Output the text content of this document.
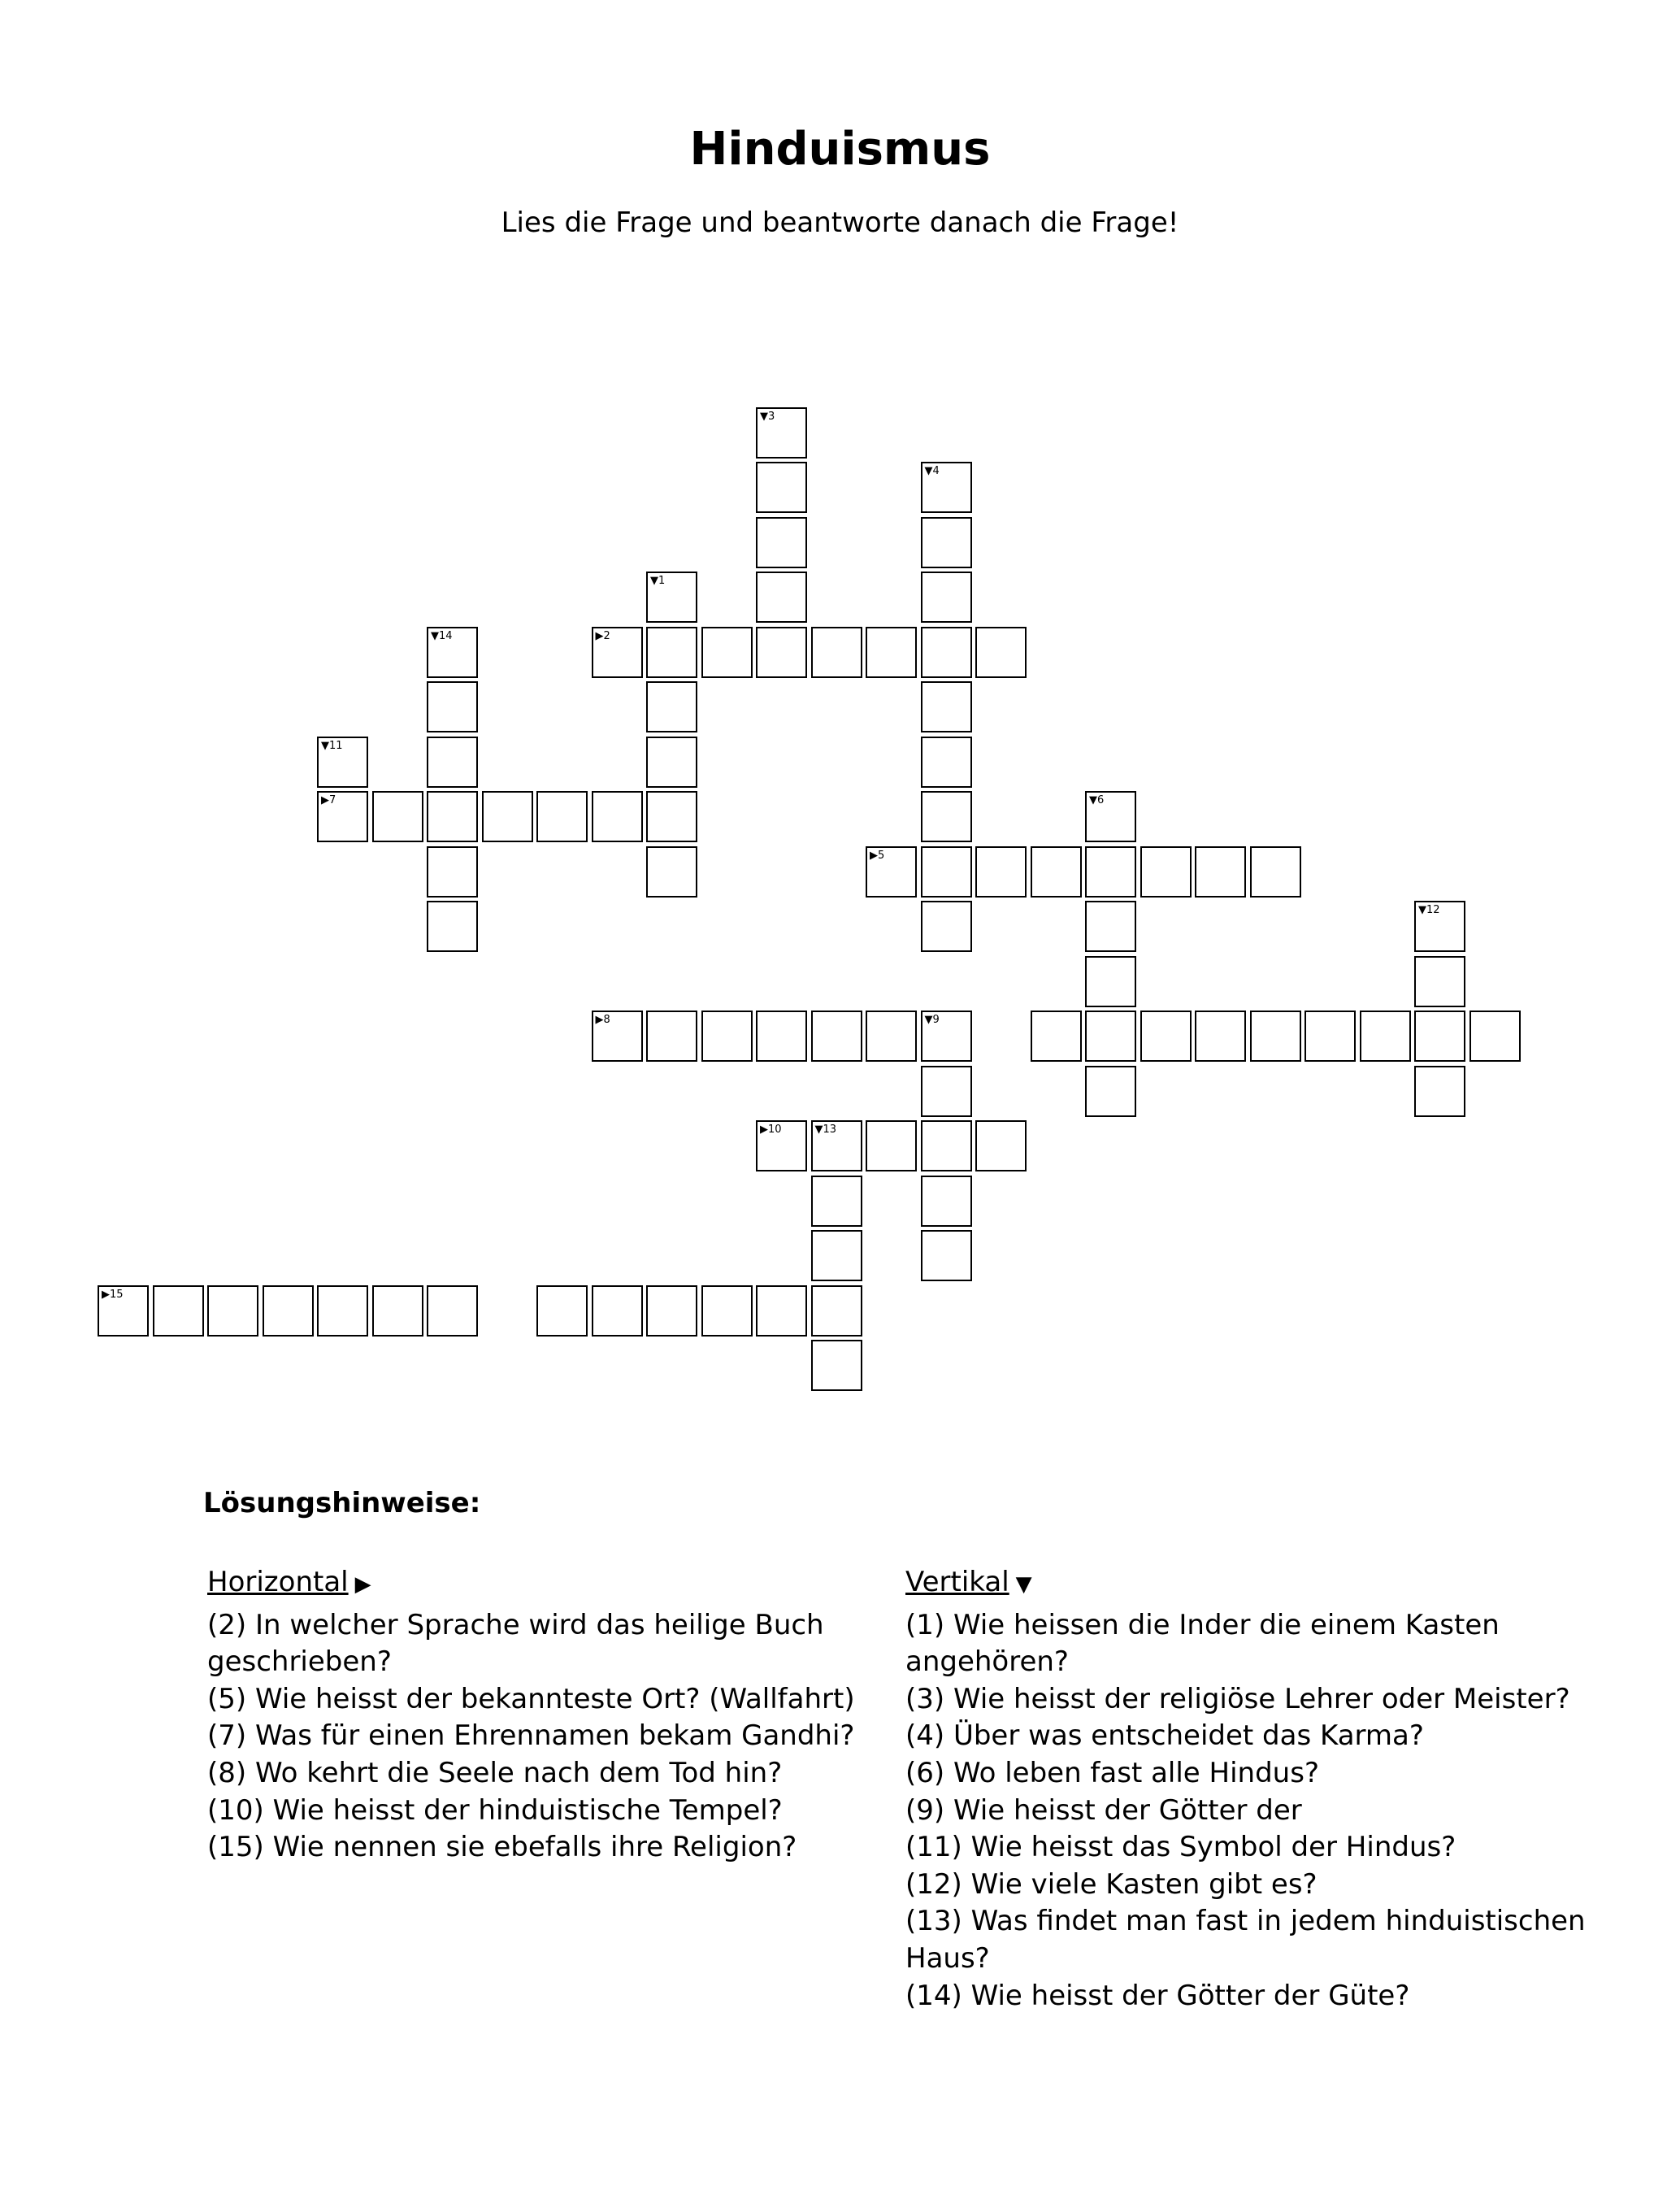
Hinduismus
Lies die Frage und beantworte danach die Frage!
▼3
▼4
▼1
▼14	▶2
▼11
▶7	▼6
▶5
▼12
▶8	▼9
▶10	▼13
▶15
Lösungshinweise:
Horizontal ▶
(2) In welcher Sprache wird das heilige Buch geschrieben?
(5) Wie heisst der bekannteste Ort? (Wallfahrt)
(7) Was für einen Ehrennamen bekam Gandhi?
(8) Wo kehrt die Seele nach dem Tod hin?
(10) Wie heisst der hinduistische Tempel?
(15) Wie nennen sie ebefalls ihre Religion?
Vertikal ▼
(1) Wie heissen die Inder die einem Kasten angehören?
(3) Wie heisst der religiöse Lehrer oder Meister?
(4) Über was entscheidet das Karma?
(6) Wo leben fast alle Hindus?
(9) Wie heisst der Götter der
(11) Wie heisst das Symbol der Hindus?
(12) Wie viele Kasten gibt es?
(13) Was findet man fast in jedem hinduistischen Haus?
(14) Wie heisst der Götter der Güte?
